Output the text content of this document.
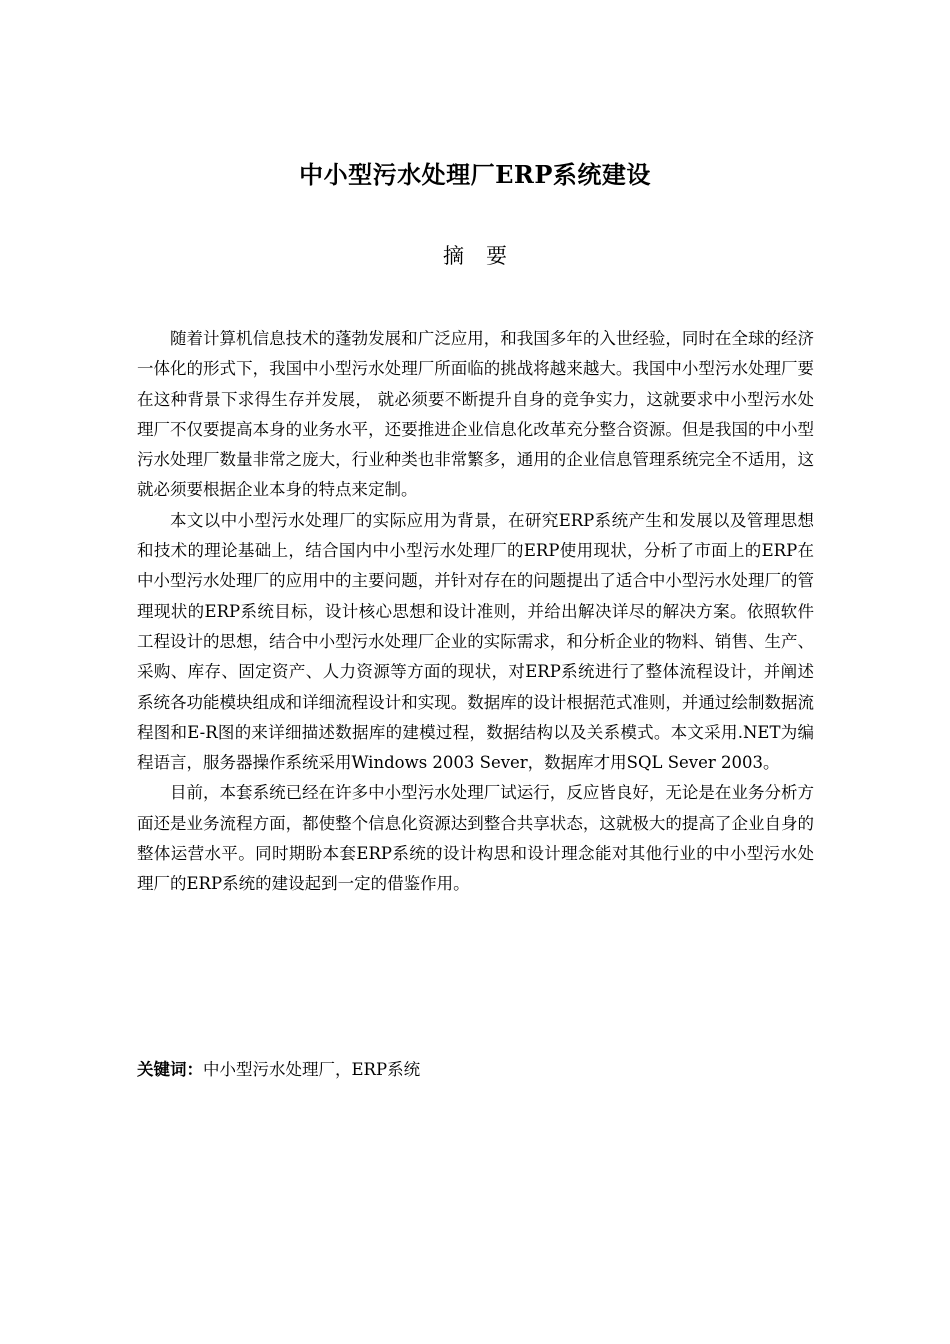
中小型污水处理厂ERP系统建设
摘要

随着计算机信息技术的蓬勃发展和广泛应用，和我国多年的入世经验，同时在全球的经济一体化的形式下，我国中小型污水处理厂所面临的挑战将越来越大。我国中小型污水处理厂要在这种背景下求得生存并发展， 就必须要不断提升自身的竞争实力，这就要求中小型污水处理厂不仅要提高本身的业务水平，还要推进企业信息化改革充分整合资源。但是我国的中小型污水处理厂数量非常之庞大，行业种类也非常繁多，通用的企业信息管理系统完全不适用，这就必须要根据企业本身的特点来定制。

本文以中小型污水处理厂的实际应用为背景，在研究ERP系统产生和发展以及管理思想和技术的理论基础上，结合国内中小型污水处理厂的ERP使用现状，分析了市面上的ERP在中小型污水处理厂的应用中的主要问题，并针对存在的问题提出了适合中小型污水处理厂的管理现状的ERP系统目标，设计核心思想和设计准则，并给出解决详尽的解决方案。依照软件工程设计的思想，结合中小型污水处理厂企业的实际需求，和分析企业的物料、销售、生产、采购、库存、固定资产、人力资源等方面的现状，对ERP系统进行了整体流程设计，并阐述系统各功能模块组成和详细流程设计和实现。数据库的设计根据范式准则，并通过绘制数据流程图和E-R图的来详细描述数据库的建模过程，数据结构以及关系模式。本文采用.NET为编程语言，服务器操作系统采用Windows 2003 Sever，数据库才用SQL Sever 2003。

目前，本套系统已经在许多中小型污水处理厂试运行，反应皆良好，无论是在业务分析方面还是业务流程方面，都使整个信息化资源达到整合共享状态，这就极大的提高了企业自身的整体运营水平。同时期盼本套ERP系统的设计构思和设计理念能对其他行业的中小型污水处理厂的ERP系统的建设起到一定的借鉴作用。

关键词：中小型污水处理厂，ERP系统
